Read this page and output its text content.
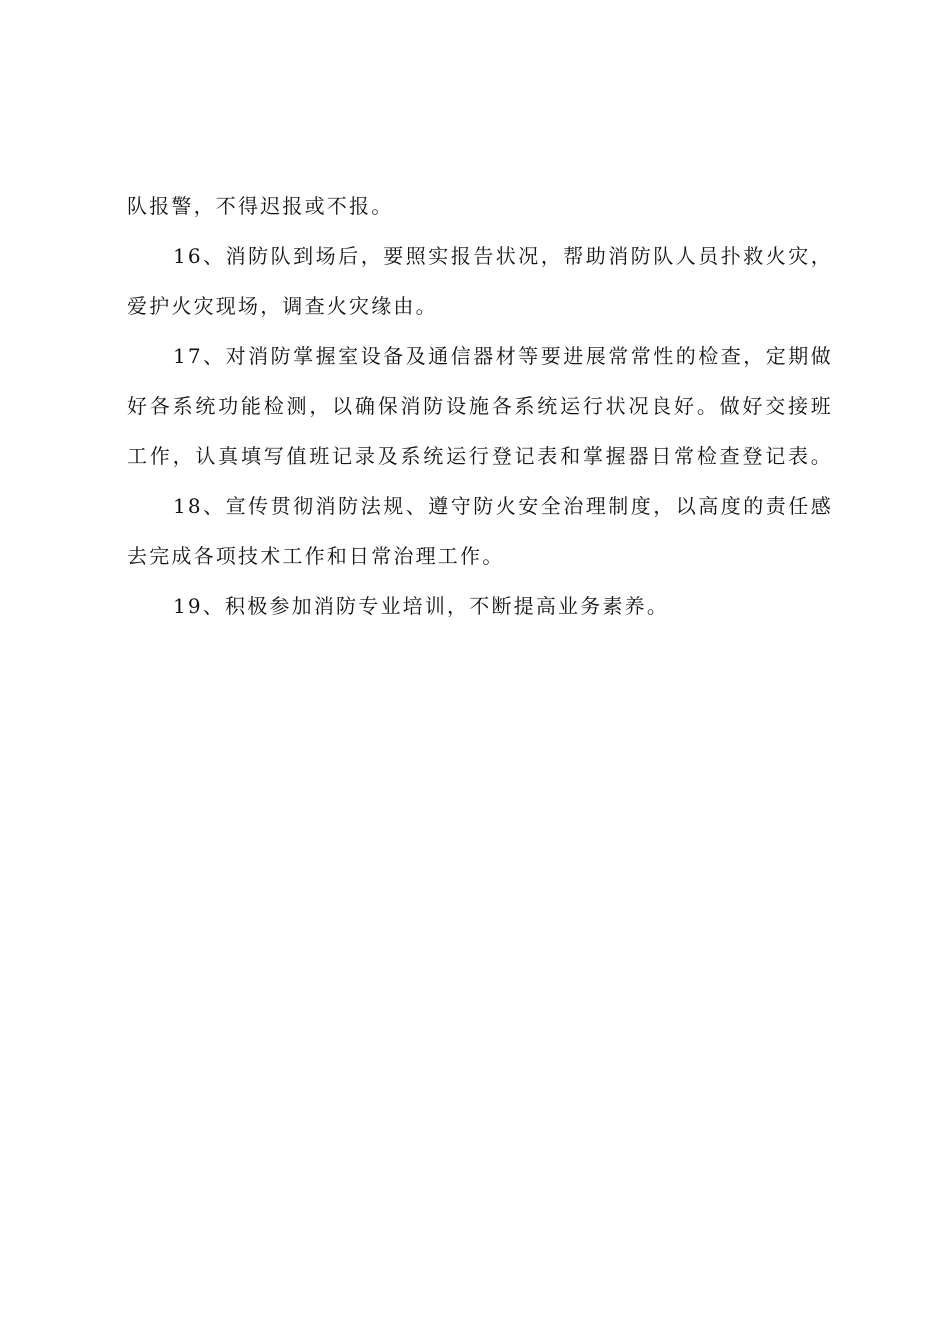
队报警，不得迟报或不报。
16、消防队到场后，要照实报告状况，帮助消防队人员扑救火灾，
爱护火灾现场，调查火灾缘由。
17、对消防掌握室设备及通信器材等要进展常常性的检查，定期做
好各系统功能检测，以确保消防设施各系统运行状况良好。做好交接班
工作，认真填写值班记录及系统运行登记表和掌握器日常检查登记表。
18、宣传贯彻消防法规、遵守防火安全治理制度，以高度的责任感
去完成各项技术工作和日常治理工作。
19、积极参加消防专业培训，不断提高业务素养。
